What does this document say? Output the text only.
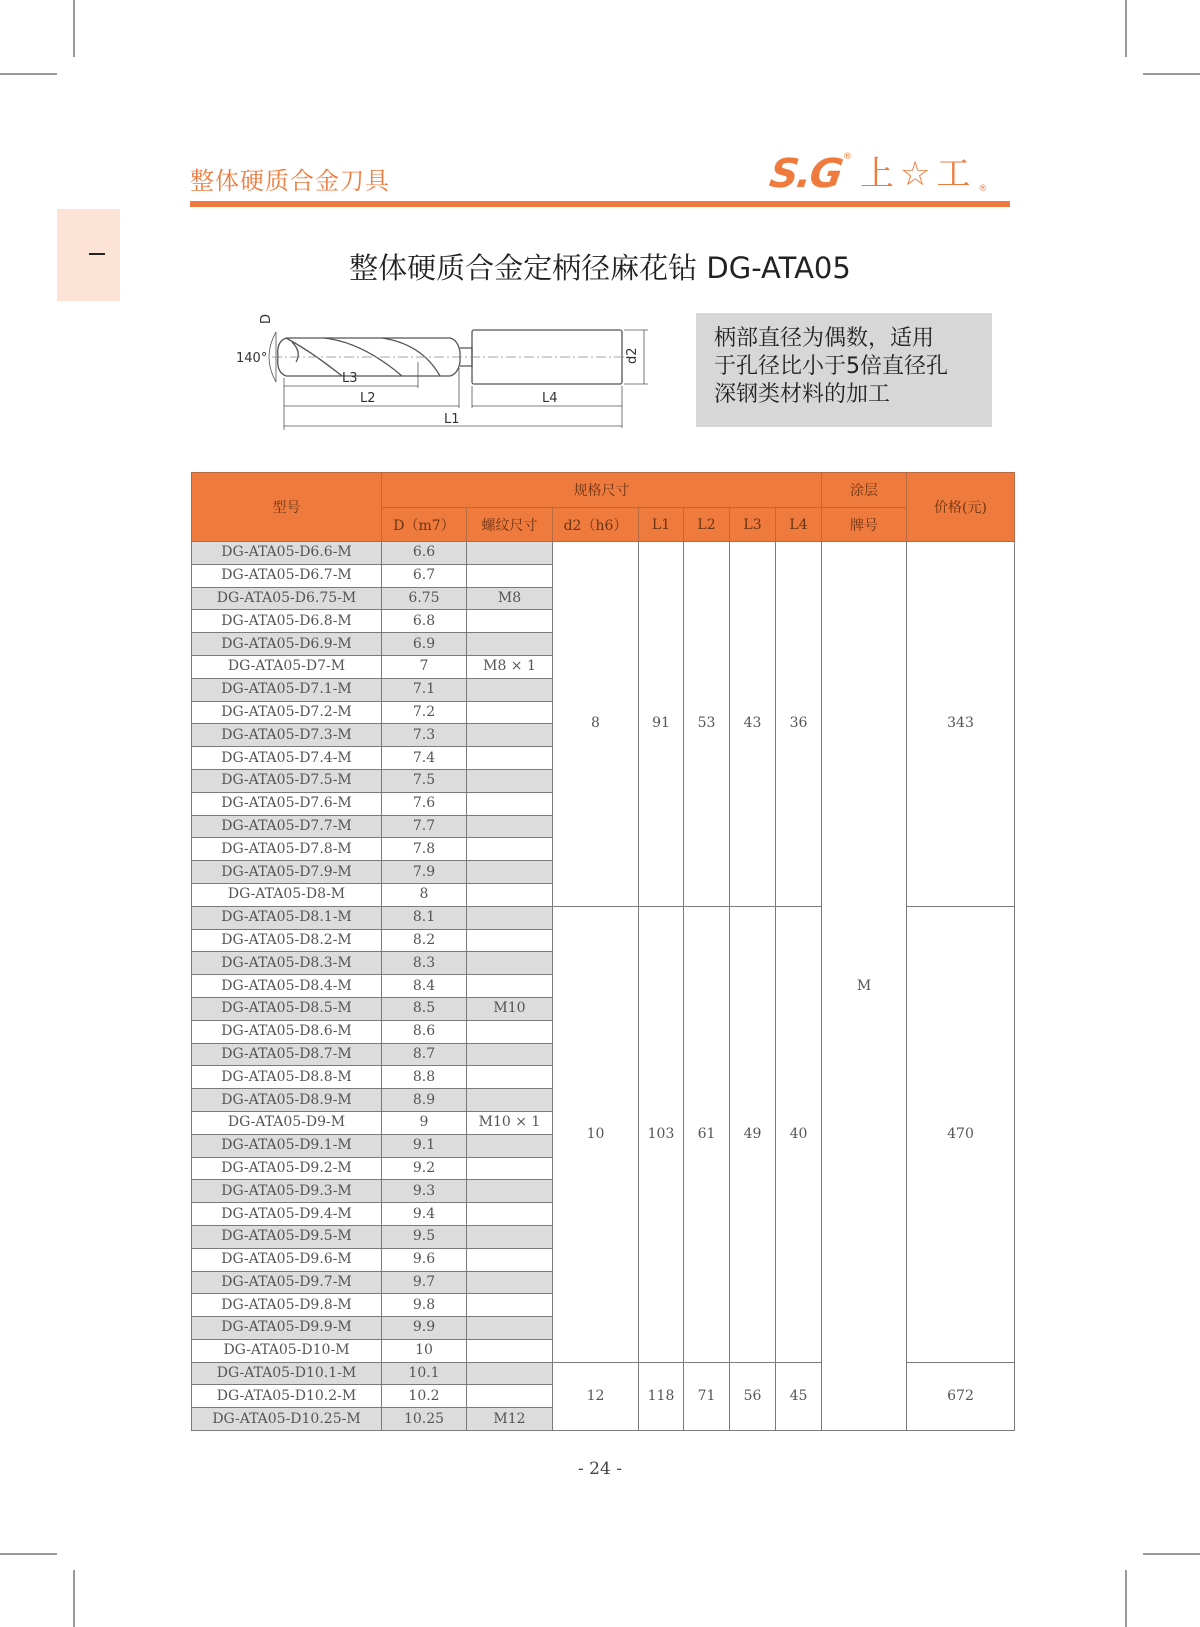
整体硬质合金刀具	S.G
® 上☆工 ®
整体硬质合金定柄径麻花钻 DG-ATA05
L3
L2	L4
L1
140°
D
d2

柄部直径为偶数，适用
于孔径比小于5倍直径孔
深钢类材料的加工

型号	规格尺寸							涂层	价格(元)
	D（m7）	螺纹尺寸	d2（h6）	L1	L2	L3	L4	牌号	
DG-ATA05-D6.6-M	6.6		8	91	53	43	36	M	343
DG-ATA05-D6.7-M	6.7								
DG-ATA05-D6.75-M	6.75	M8							
DG-ATA05-D6.8-M	6.8								
DG-ATA05-D6.9-M	6.9								
DG-ATA05-D7-M	7	M8 × 1							
DG-ATA05-D7.1-M	7.1								
DG-ATA05-D7.2-M	7.2								
DG-ATA05-D7.3-M	7.3								
DG-ATA05-D7.4-M	7.4								
DG-ATA05-D7.5-M	7.5								
DG-ATA05-D7.6-M	7.6								
DG-ATA05-D7.7-M	7.7								
DG-ATA05-D7.8-M	7.8								
DG-ATA05-D7.9-M	7.9								
DG-ATA05-D8-M	8								
DG-ATA05-D8.1-M	8.1		10	103	61	49	40		470
DG-ATA05-D8.2-M	8.2								
DG-ATA05-D8.3-M	8.3								
DG-ATA05-D8.4-M	8.4								
DG-ATA05-D8.5-M	8.5	M10							
DG-ATA05-D8.6-M	8.6								
DG-ATA05-D8.7-M	8.7								
DG-ATA05-D8.8-M	8.8								
DG-ATA05-D8.9-M	8.9								
DG-ATA05-D9-M	9	M10 × 1							
DG-ATA05-D9.1-M	9.1								
DG-ATA05-D9.2-M	9.2								
DG-ATA05-D9.3-M	9.3								
DG-ATA05-D9.4-M	9.4								
DG-ATA05-D9.5-M	9.5								
DG-ATA05-D9.6-M	9.6								
DG-ATA05-D9.7-M	9.7								
DG-ATA05-D9.8-M	9.8								
DG-ATA05-D9.9-M	9.9								
DG-ATA05-D10-M	10								
DG-ATA05-D10.1-M	10.1		12	118	71	56	45		672
DG-ATA05-D10.2-M	10.2								
DG-ATA05-D10.25-M	10.25	M12							
- 24 -
